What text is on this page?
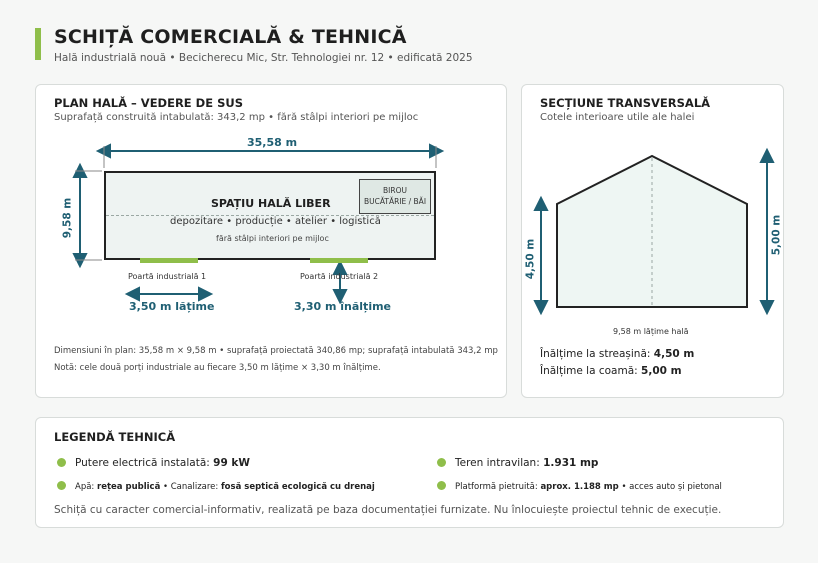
SCHIȚĂ COMERCIALĂ & TEHNICĂ
Hală industrială nouă • Becicherecu Mic, Str. Tehnologiei nr. 12 • edificată 2025
PLAN HALĂ – VEDERE DE SUS
Suprafață construită intabulată: 343,2 mp • fără stâlpi interiori pe mijloc
35,58 m
9,58 m	SPAȚIU HALĂ LIBER
depozitare • producție • atelier • logistică
fără stâlpi interiori pe mijloc
BIROU
BUCĂTĂRIE / BĂI
Poartă industrială 1	Poartă industrială 2
3,50 m lățime	3,30 m înălțime
Dimensiuni în plan: 35,58 m × 9,58 m • suprafață proiectată 340,86 mp; suprafață intabulată 343,2 mp
Notă: cele două porți industriale au fiecare 3,50 m lățime × 3,30 m înălțime.
SECȚIUNE TRANSVERSALĂ
Cotele interioare utile ale halei
4,50 m
5,00 m
9,58 m lățime hală
Înălțime la streașină: 4,50 m
Înălțime la coamă: 5,00 m
LEGENDĂ TEHNICĂ
Putere electrică instalată: 99 kW	Teren intravilan: 1.931 mp
Apă: rețea publică • Canalizare: fosă septică ecologică cu drenaj	Platformă pietruită: aprox. 1.188 mp • acces auto și pietonal
Schiță cu caracter comercial-informativ, realizată pe baza documentației furnizate. Nu înlocuiește proiectul tehnic de execuție.
